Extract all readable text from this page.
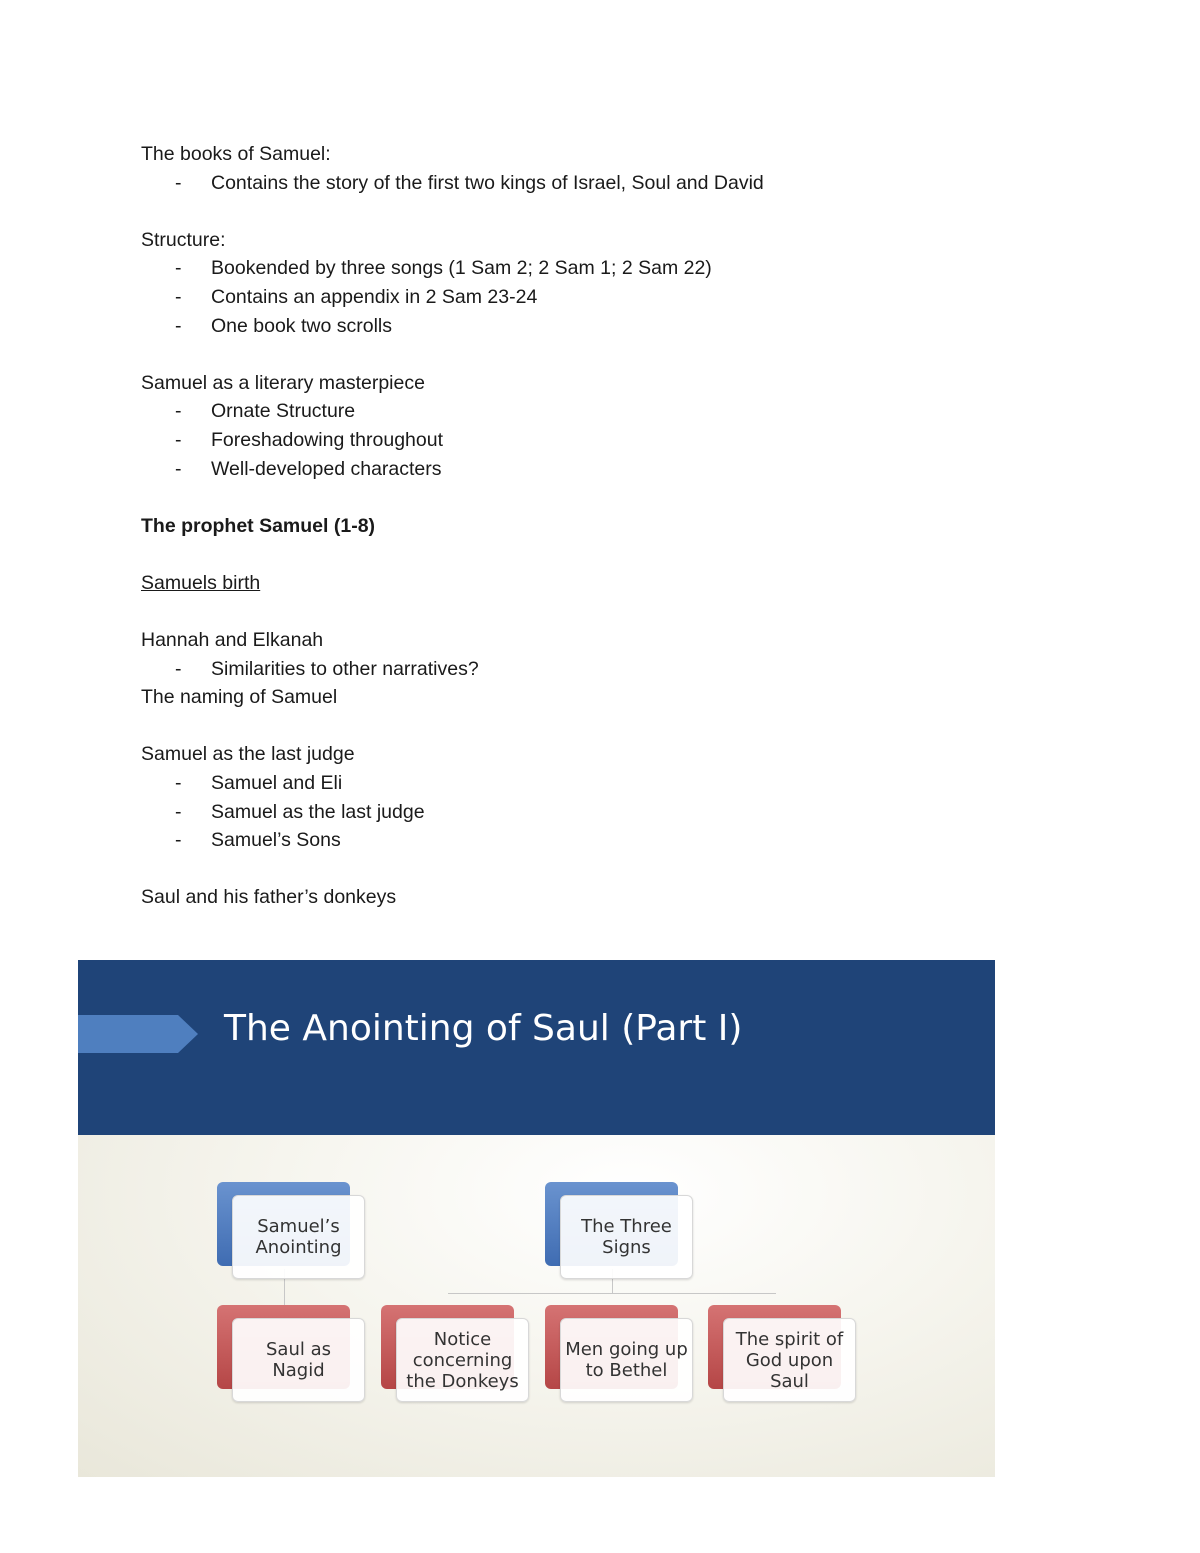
The books of Samuel:
- Contains the story of the first two kings of Israel, Soul and David
Structure:
- Bookended by three songs (1 Sam 2; 2 Sam 1; 2 Sam 22)
- Contains an appendix in 2 Sam 23-24
- One book two scrolls
Samuel as a literary masterpiece
- Ornate Structure
- Foreshadowing throughout
- Well-developed characters
The prophet Samuel (1-8)
Samuels birth
Hannah and Elkanah
- Similarities to other narratives?
The naming of Samuel
Samuel as the last judge
- Samuel and Eli
- Samuel as the last judge
- Samuel’s Sons
Saul and his father’s donkeys
The Anointing of Saul (Part I)
Samuel’s Anointing
The Three Signs
Saul as Nagid
Notice concerning the Donkeys
Men going up to Bethel
The spirit of God upon Saul
